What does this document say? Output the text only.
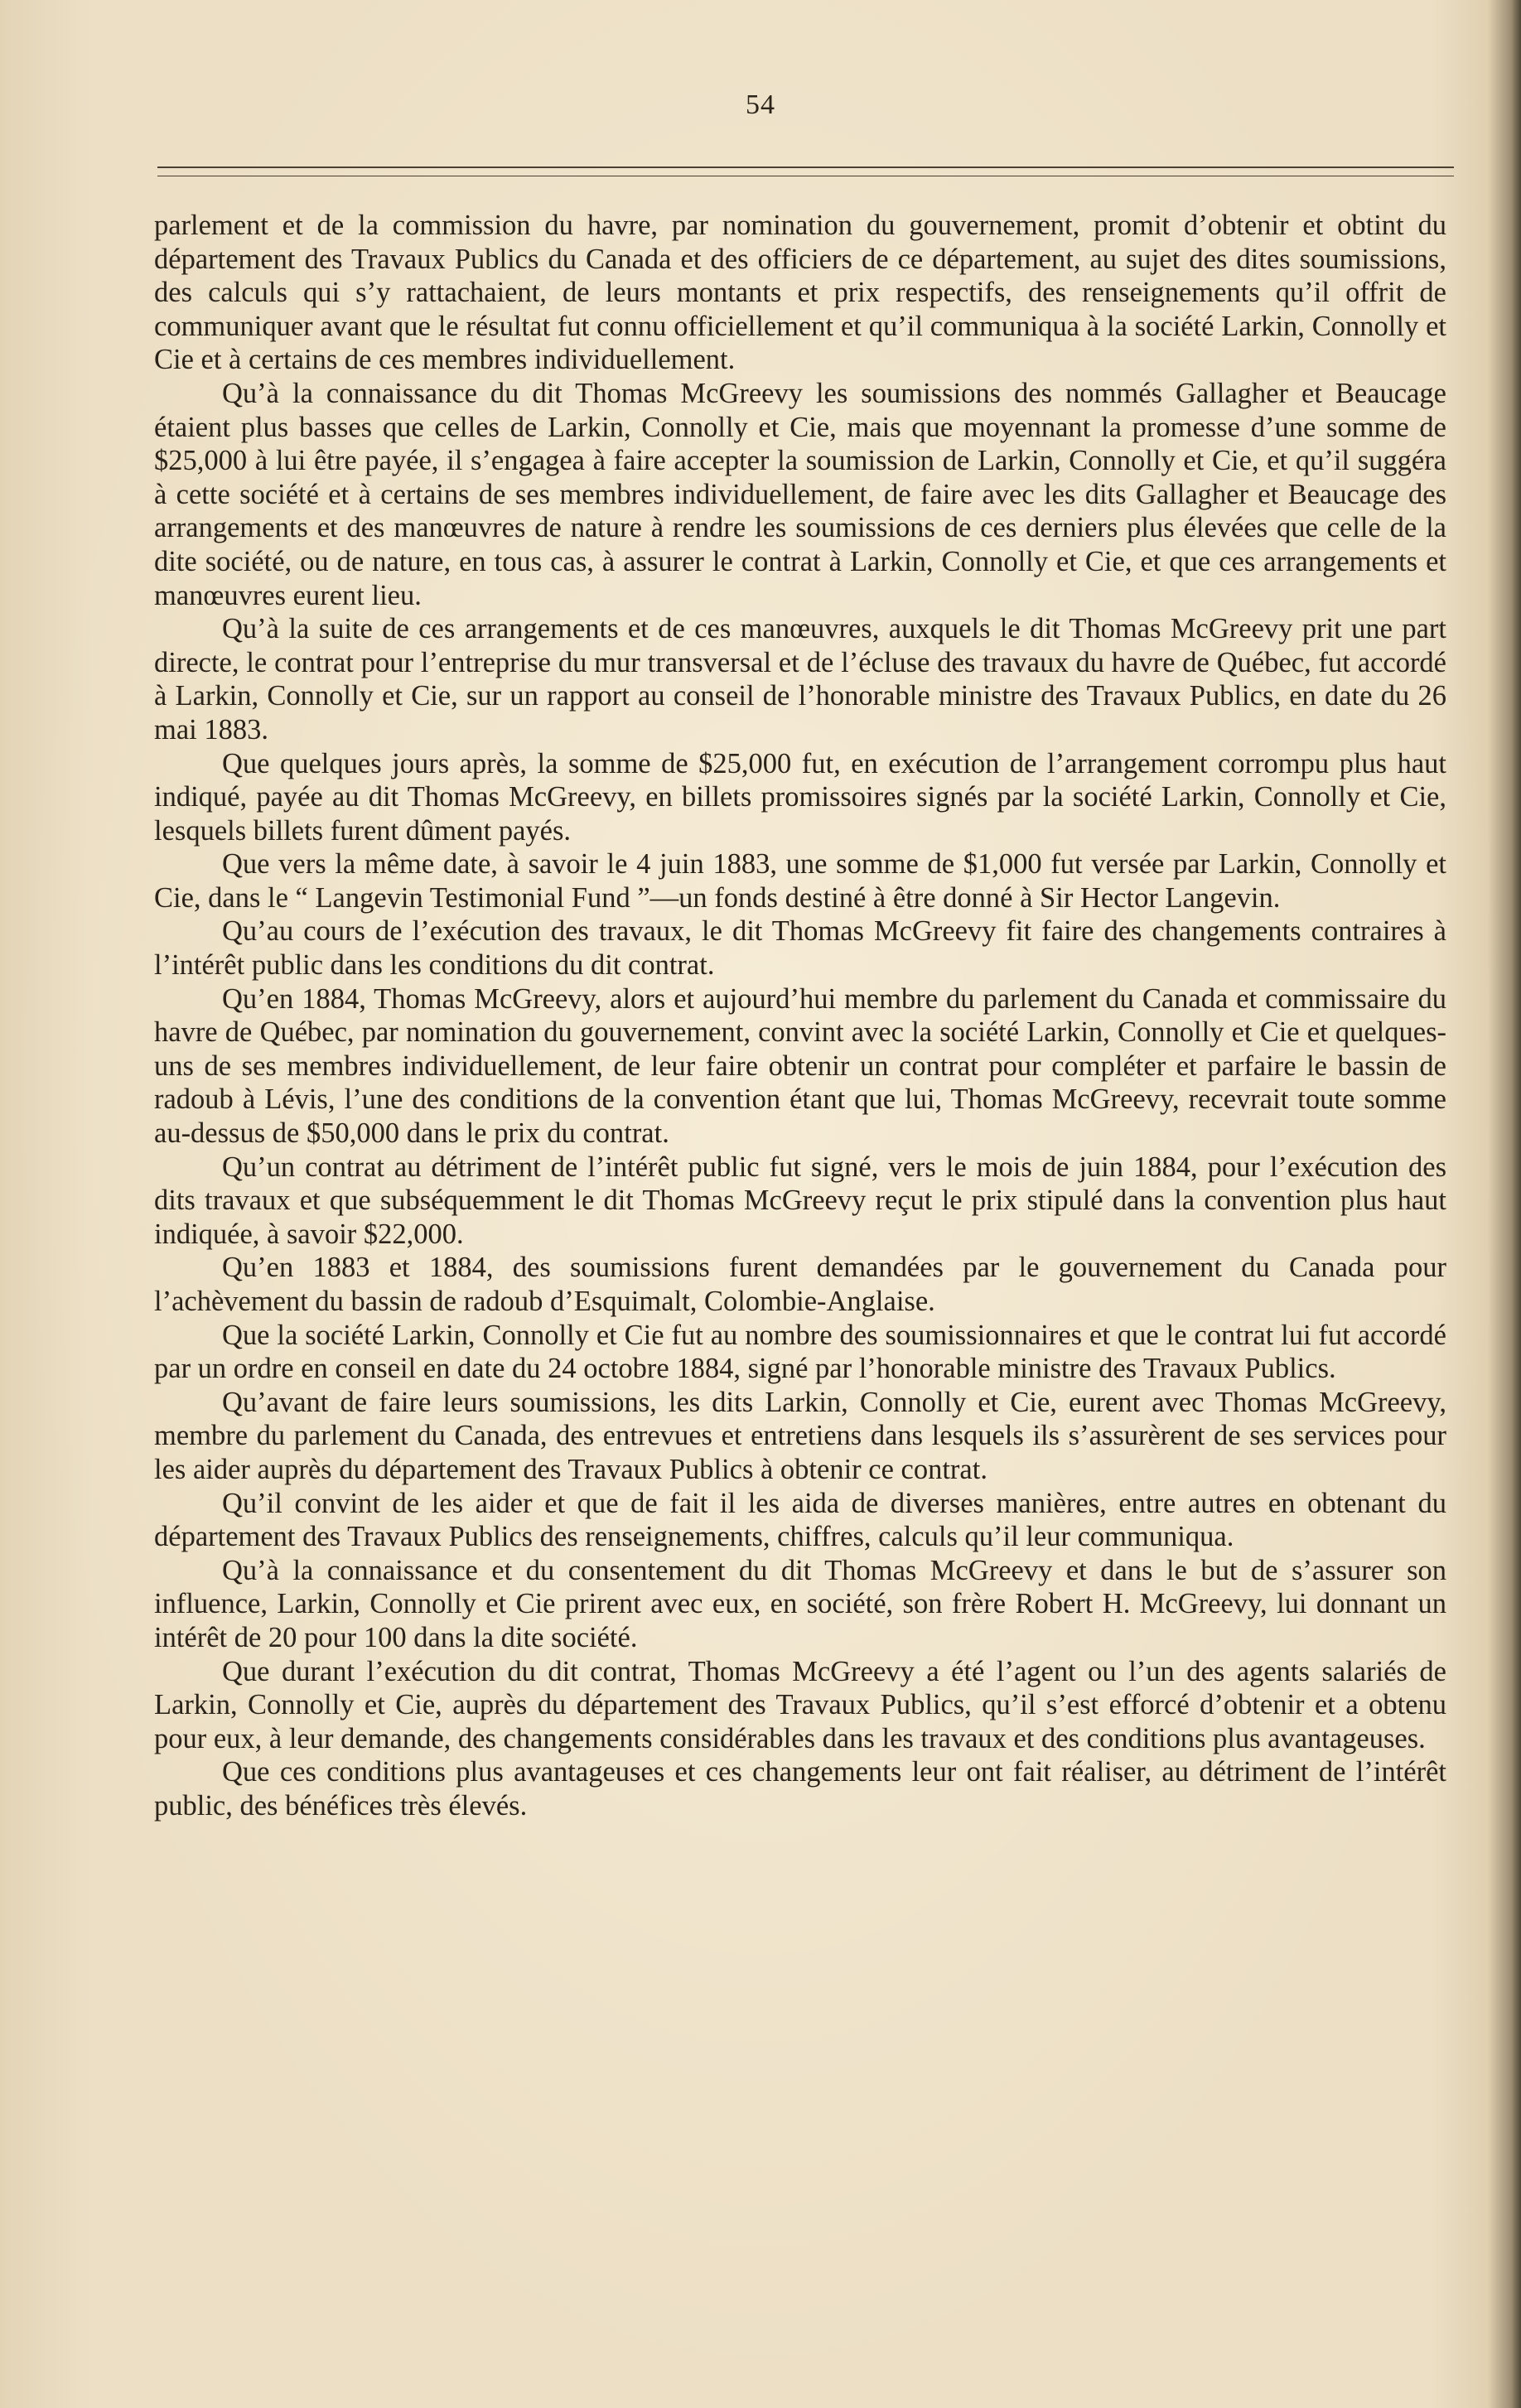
54

parlement et de la commission du havre, par nomination du gouvernement, promit d’obtenir et obtint du département des Travaux Publics du Canada et des officiers de ce département, au sujet des dites soumissions, des calculs qui s’y rattachaient, de leurs montants et prix respectifs, des renseignements qu’il offrit de communiquer avant que le résultat fut connu officiellement et qu’il communiqua à la société Larkin, Connolly et Cie et à certains de ces membres individuellement.

Qu’à la connaissance du dit Thomas McGreevy les soumissions des nommés Gallagher et Beaucage étaient plus basses que celles de Larkin, Connolly et Cie, mais que moyennant la promesse d’une somme de $25,000 à lui être payée, il s’engagea à faire accepter la soumission de Larkin, Connolly et Cie, et qu’il suggéra à cette société et à certains de ses membres individuellement, de faire avec les dits Gallagher et Beaucage des arrangements et des manœuvres de nature à rendre les soumissions de ces derniers plus élevées que celle de la dite société, ou de nature, en tous cas, à assurer le contrat à Larkin, Connolly et Cie, et que ces arrangements et manœuvres eurent lieu.

Qu’à la suite de ces arrangements et de ces manœuvres, auxquels le dit Thomas McGreevy prit une part directe, le contrat pour l’entreprise du mur transversal et de l’écluse des travaux du havre de Québec, fut accordé à Larkin, Connolly et Cie, sur un rapport au conseil de l’honorable ministre des Travaux Publics, en date du 26 mai 1883.

Que quelques jours après, la somme de $25,000 fut, en exécution de l’arrangement corrompu plus haut indiqué, payée au dit Thomas McGreevy, en billets promissoires signés par la société Larkin, Connolly et Cie, lesquels billets furent dûment payés.

Que vers la même date, à savoir le 4 juin 1883, une somme de $1,000 fut versée par Larkin, Connolly et Cie, dans le “ Langevin Testimonial Fund ”—un fonds destiné à être donné à Sir Hector Langevin.

Qu’au cours de l’exécution des travaux, le dit Thomas McGreevy fit faire des changements contraires à l’intérêt public dans les conditions du dit contrat.

Qu’en 1884, Thomas McGreevy, alors et aujourd’hui membre du parlement du Canada et commissaire du havre de Québec, par nomination du gouvernement, convint avec la société Larkin, Connolly et Cie et quelques-uns de ses membres individuellement, de leur faire obtenir un contrat pour compléter et parfaire le bassin de radoub à Lévis, l’une des conditions de la convention étant que lui, Thomas McGreevy, recevrait toute somme au-dessus de $50,000 dans le prix du contrat.

Qu’un contrat au détriment de l’intérêt public fut signé, vers le mois de juin 1884, pour l’exécution des dits travaux et que subséquemment le dit Thomas McGreevy reçut le prix stipulé dans la convention plus haut indiquée, à savoir $22,000.

Qu’en 1883 et 1884, des soumissions furent demandées par le gouvernement du Canada pour l’achèvement du bassin de radoub d’Esquimalt, Colombie-Anglaise.

Que la société Larkin, Connolly et Cie fut au nombre des soumissionnaires et que le contrat lui fut accordé par un ordre en conseil en date du 24 octobre 1884, signé par l’honorable ministre des Travaux Publics.

Qu’avant de faire leurs soumissions, les dits Larkin, Connolly et Cie, eurent avec Thomas McGreevy, membre du parlement du Canada, des entrevues et entretiens dans lesquels ils s’assurèrent de ses services pour les aider auprès du département des Travaux Publics à obtenir ce contrat.

Qu’il convint de les aider et que de fait il les aida de diverses manières, entre autres en obtenant du département des Travaux Publics des renseignements, chiffres, calculs qu’il leur communiqua.

Qu’à la connaissance et du consentement du dit Thomas McGreevy et dans le but de s’assurer son influence, Larkin, Connolly et Cie prirent avec eux, en société, son frère Robert H. McGreevy, lui donnant un intérêt de 20 pour 100 dans la dite société.

Que durant l’exécution du dit contrat, Thomas McGreevy a été l’agent ou l’un des agents salariés de Larkin, Connolly et Cie, auprès du département des Travaux Publics, qu’il s’est efforcé d’obtenir et a obtenu pour eux, à leur demande, des changements considérables dans les travaux et des conditions plus avantageuses.

Que ces conditions plus avantageuses et ces changements leur ont fait réaliser, au détriment de l’intérêt public, des bénéfices très élevés.
